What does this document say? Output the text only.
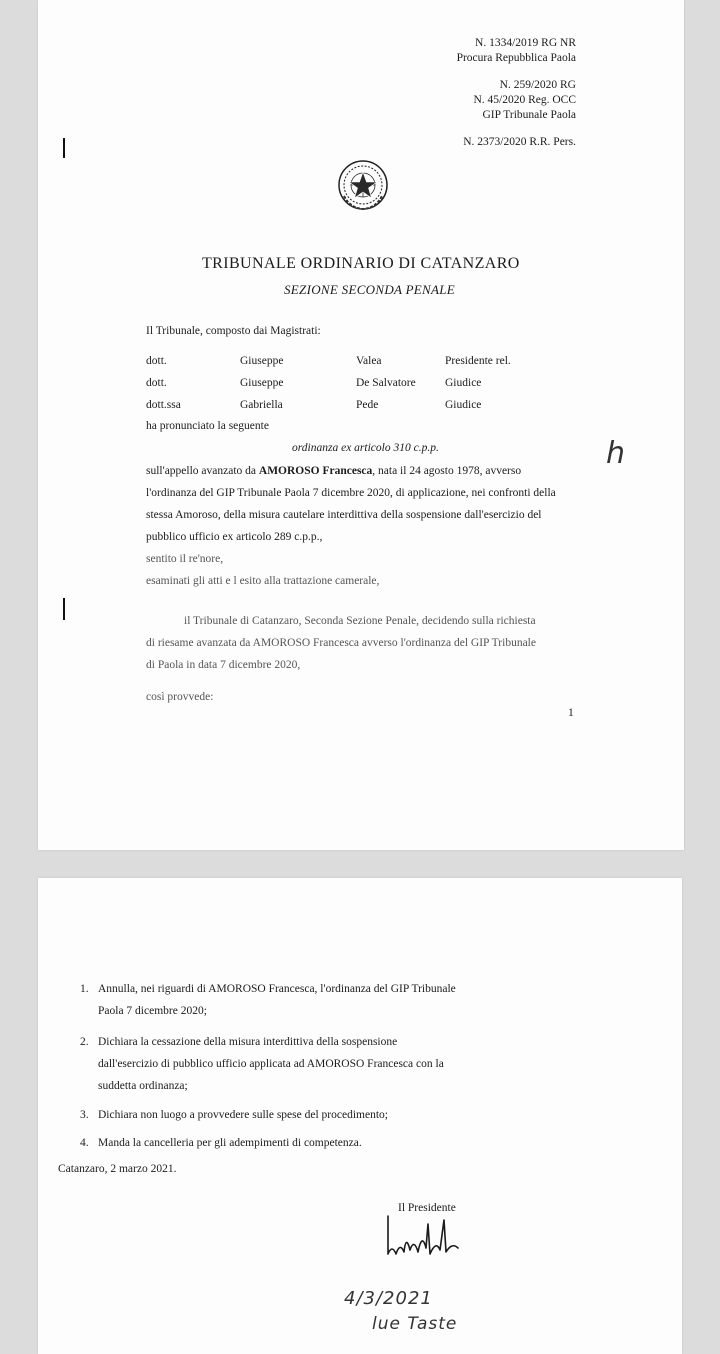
N. 1334/2019 RG NR
Procura Repubblica Paola
N. 259/2020 RG
N. 45/2020 Reg. OCC
GIP Tribunale Paola
N. 2373/2020 R.R. Pers.
TRIBUNALE ORDINARIO DI CATANZARO
SEZIONE SECONDA PENALE
Il Tribunale, composto dai Magistrati:
dott.	Giuseppe	Valea	Presidente rel.
dott.	Giuseppe	De Salvatore	Giudice
dott.ssa	Gabriella	Pede	Giudice
ha pronunciato la seguente
ordinanza ex articolo 310 c.p.p.
sull'appello avanzato da AMOROSO Francesca, nata il 24 agosto 1978, avverso
l'ordinanza del GIP Tribunale Paola 7 dicembre 2020, di applicazione, nei confronti della
stessa Amoroso, della misura cautelare interdittiva della sospensione dall'esercizio del
pubblico ufficio ex articolo 289 c.p.p.,
sentito il re'nore,
esaminati gli atti e l esito alla trattazione camerale,
il Tribunale di Catanzaro, Seconda Sezione Penale, decidendo sulla richiesta
di riesame avanzata da AMOROSO Francesca avverso l'ordinanza del GIP Tribunale
di Paola in data 7 dicembre 2020,
così provvede:
1
h
1. Annulla, nei riguardi di AMOROSO Francesca, l'ordinanza del GIP Tribunale
Paola 7 dicembre 2020;
2. Dichiara la cessazione della misura interdittiva della sospensione
dall'esercizio di pubblico ufficio applicata ad AMOROSO Francesca con la
suddetta ordinanza;
3. Dichiara non luogo a provvedere sulle spese del procedimento;
4. Manda la cancelleria per gli adempimenti di competenza.
Catanzaro, 2 marzo 2021.
Il Presidente
4/3/2021
lue Taste
